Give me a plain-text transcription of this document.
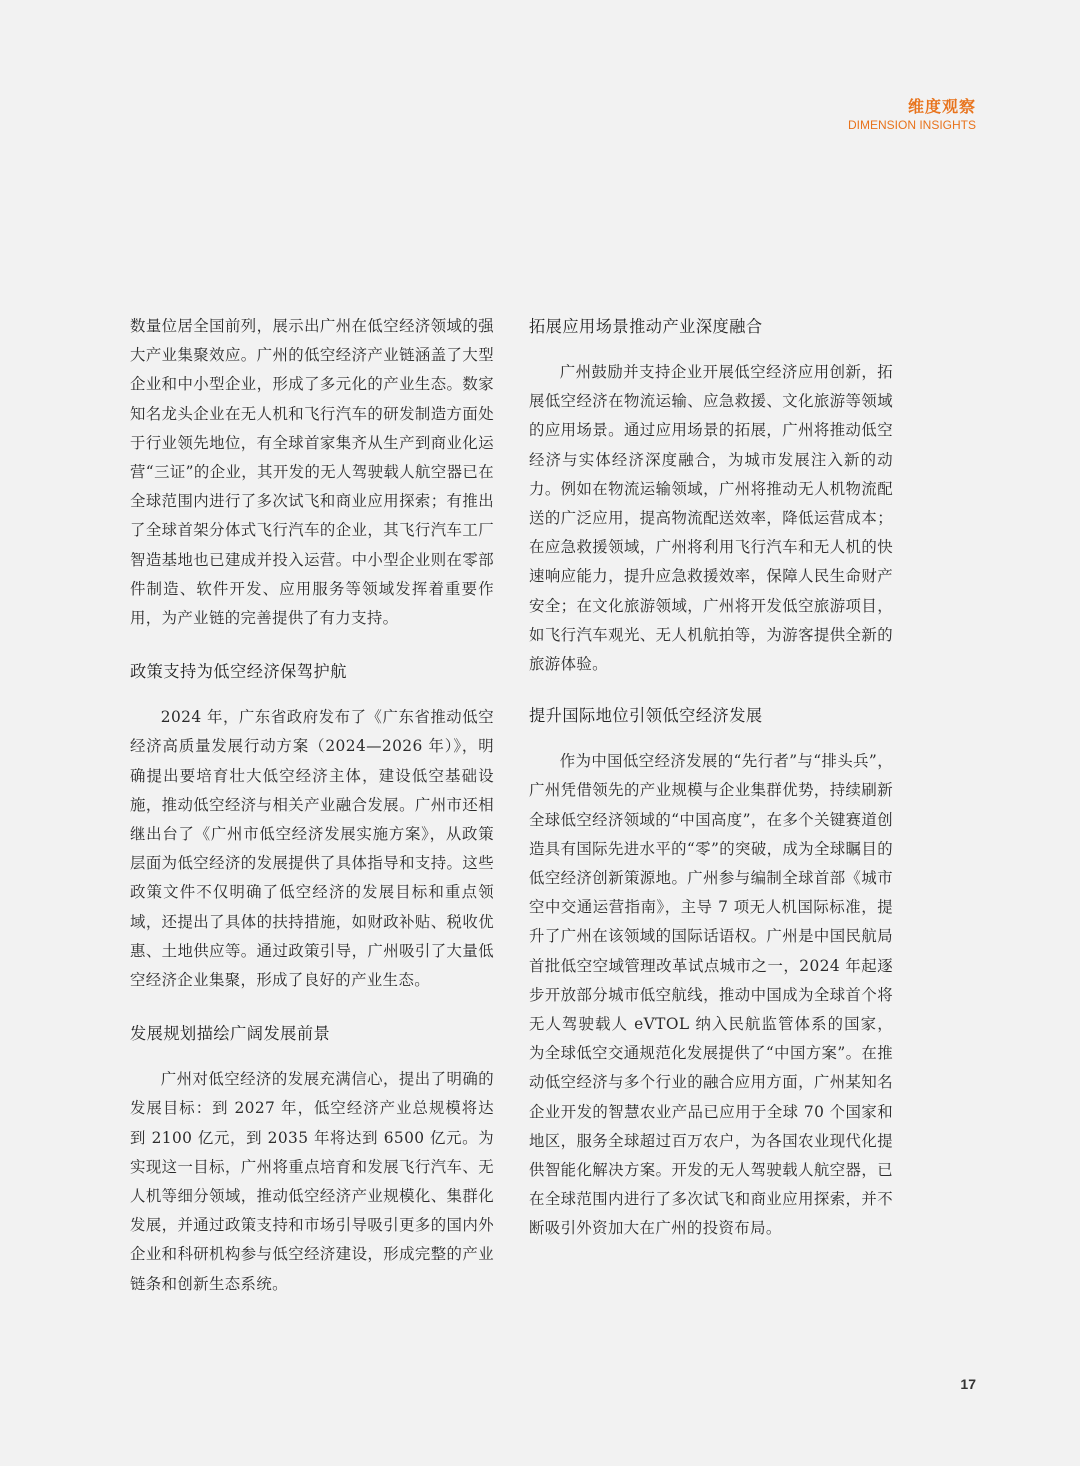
维度观察
DIMENSION INSIGHTS

数量位居全国前列，展示出广州在低空经济领域的强大产业集聚效应。广州的低空经济产业链涵盖了大型企业和中小型企业，形成了多元化的产业生态。数家知名龙头企业在无人机和飞行汽车的研发制造方面处于行业领先地位，有全球首家集齐从生产到商业化运营“三证”的企业，其开发的无人驾驶载人航空器已在全球范围内进行了多次试飞和商业应用探索；有推出了全球首架分体式飞行汽车的企业，其飞行汽车工厂智造基地也已建成并投入运营。中小型企业则在零部件制造、软件开发、应用服务等领域发挥着重要作用，为产业链的完善提供了有力支持。

政策支持为低空经济保驾护航

2024 年，广东省政府发布了《广东省推动低空经济高质量发展行动方案（2024—2026 年）》，明确提出要培育壮大低空经济主体，建设低空基础设施，推动低空经济与相关产业融合发展。广州市还相继出台了《广州市低空经济发展实施方案》，从政策层面为低空经济的发展提供了具体指导和支持。这些政策文件不仅明确了低空经济的发展目标和重点领域，还提出了具体的扶持措施，如财政补贴、税收优惠、土地供应等。通过政策引导，广州吸引了大量低空经济企业集聚，形成了良好的产业生态。

发展规划描绘广阔发展前景

广州对低空经济的发展充满信心，提出了明确的发展目标：到 2027 年，低空经济产业总规模将达到 2100 亿元，到 2035 年将达到 6500 亿元。为实现这一目标，广州将重点培育和发展飞行汽车、无人机等细分领域，推动低空经济产业规模化、集群化发展，并通过政策支持和市场引导吸引更多的国内外企业和科研机构参与低空经济建设，形成完整的产业链条和创新生态系统。

拓展应用场景推动产业深度融合

广州鼓励并支持企业开展低空经济应用创新，拓展低空经济在物流运输、应急救援、文化旅游等领域的应用场景。通过应用场景的拓展，广州将推动低空经济与实体经济深度融合，为城市发展注入新的动力。例如在物流运输领域，广州将推动无人机物流配送的广泛应用，提高物流配送效率，降低运营成本；在应急救援领域，广州将利用飞行汽车和无人机的快速响应能力，提升应急救援效率，保障人民生命财产安全；在文化旅游领域，广州将开发低空旅游项目，如飞行汽车观光、无人机航拍等，为游客提供全新的旅游体验。

提升国际地位引领低空经济发展

作为中国低空经济发展的“先行者”与“排头兵”，广州凭借领先的产业规模与企业集群优势，持续刷新全球低空经济领域的“中国高度”，在多个关键赛道创造具有国际先进水平的“零”的突破，成为全球瞩目的低空经济创新策源地。广州参与编制全球首部《城市空中交通运营指南》，主导 7 项无人机国际标准，提升了广州在该领域的国际话语权。广州是中国民航局首批低空空域管理改革试点城市之一，2024 年起逐步开放部分城市低空航线，推动中国成为全球首个将无人驾驶载人 eVTOL 纳入民航监管体系的国家，为全球低空交通规范化发展提供了“中国方案”。在推动低空经济与多个行业的融合应用方面，广州某知名企业开发的智慧农业产品已应用于全球 70 个国家和地区，服务全球超过百万农户，为各国农业现代化提供智能化解决方案。开发的无人驾驶载人航空器，已在全球范围内进行了多次试飞和商业应用探索，并不断吸引外资加大在广州的投资布局。

17
